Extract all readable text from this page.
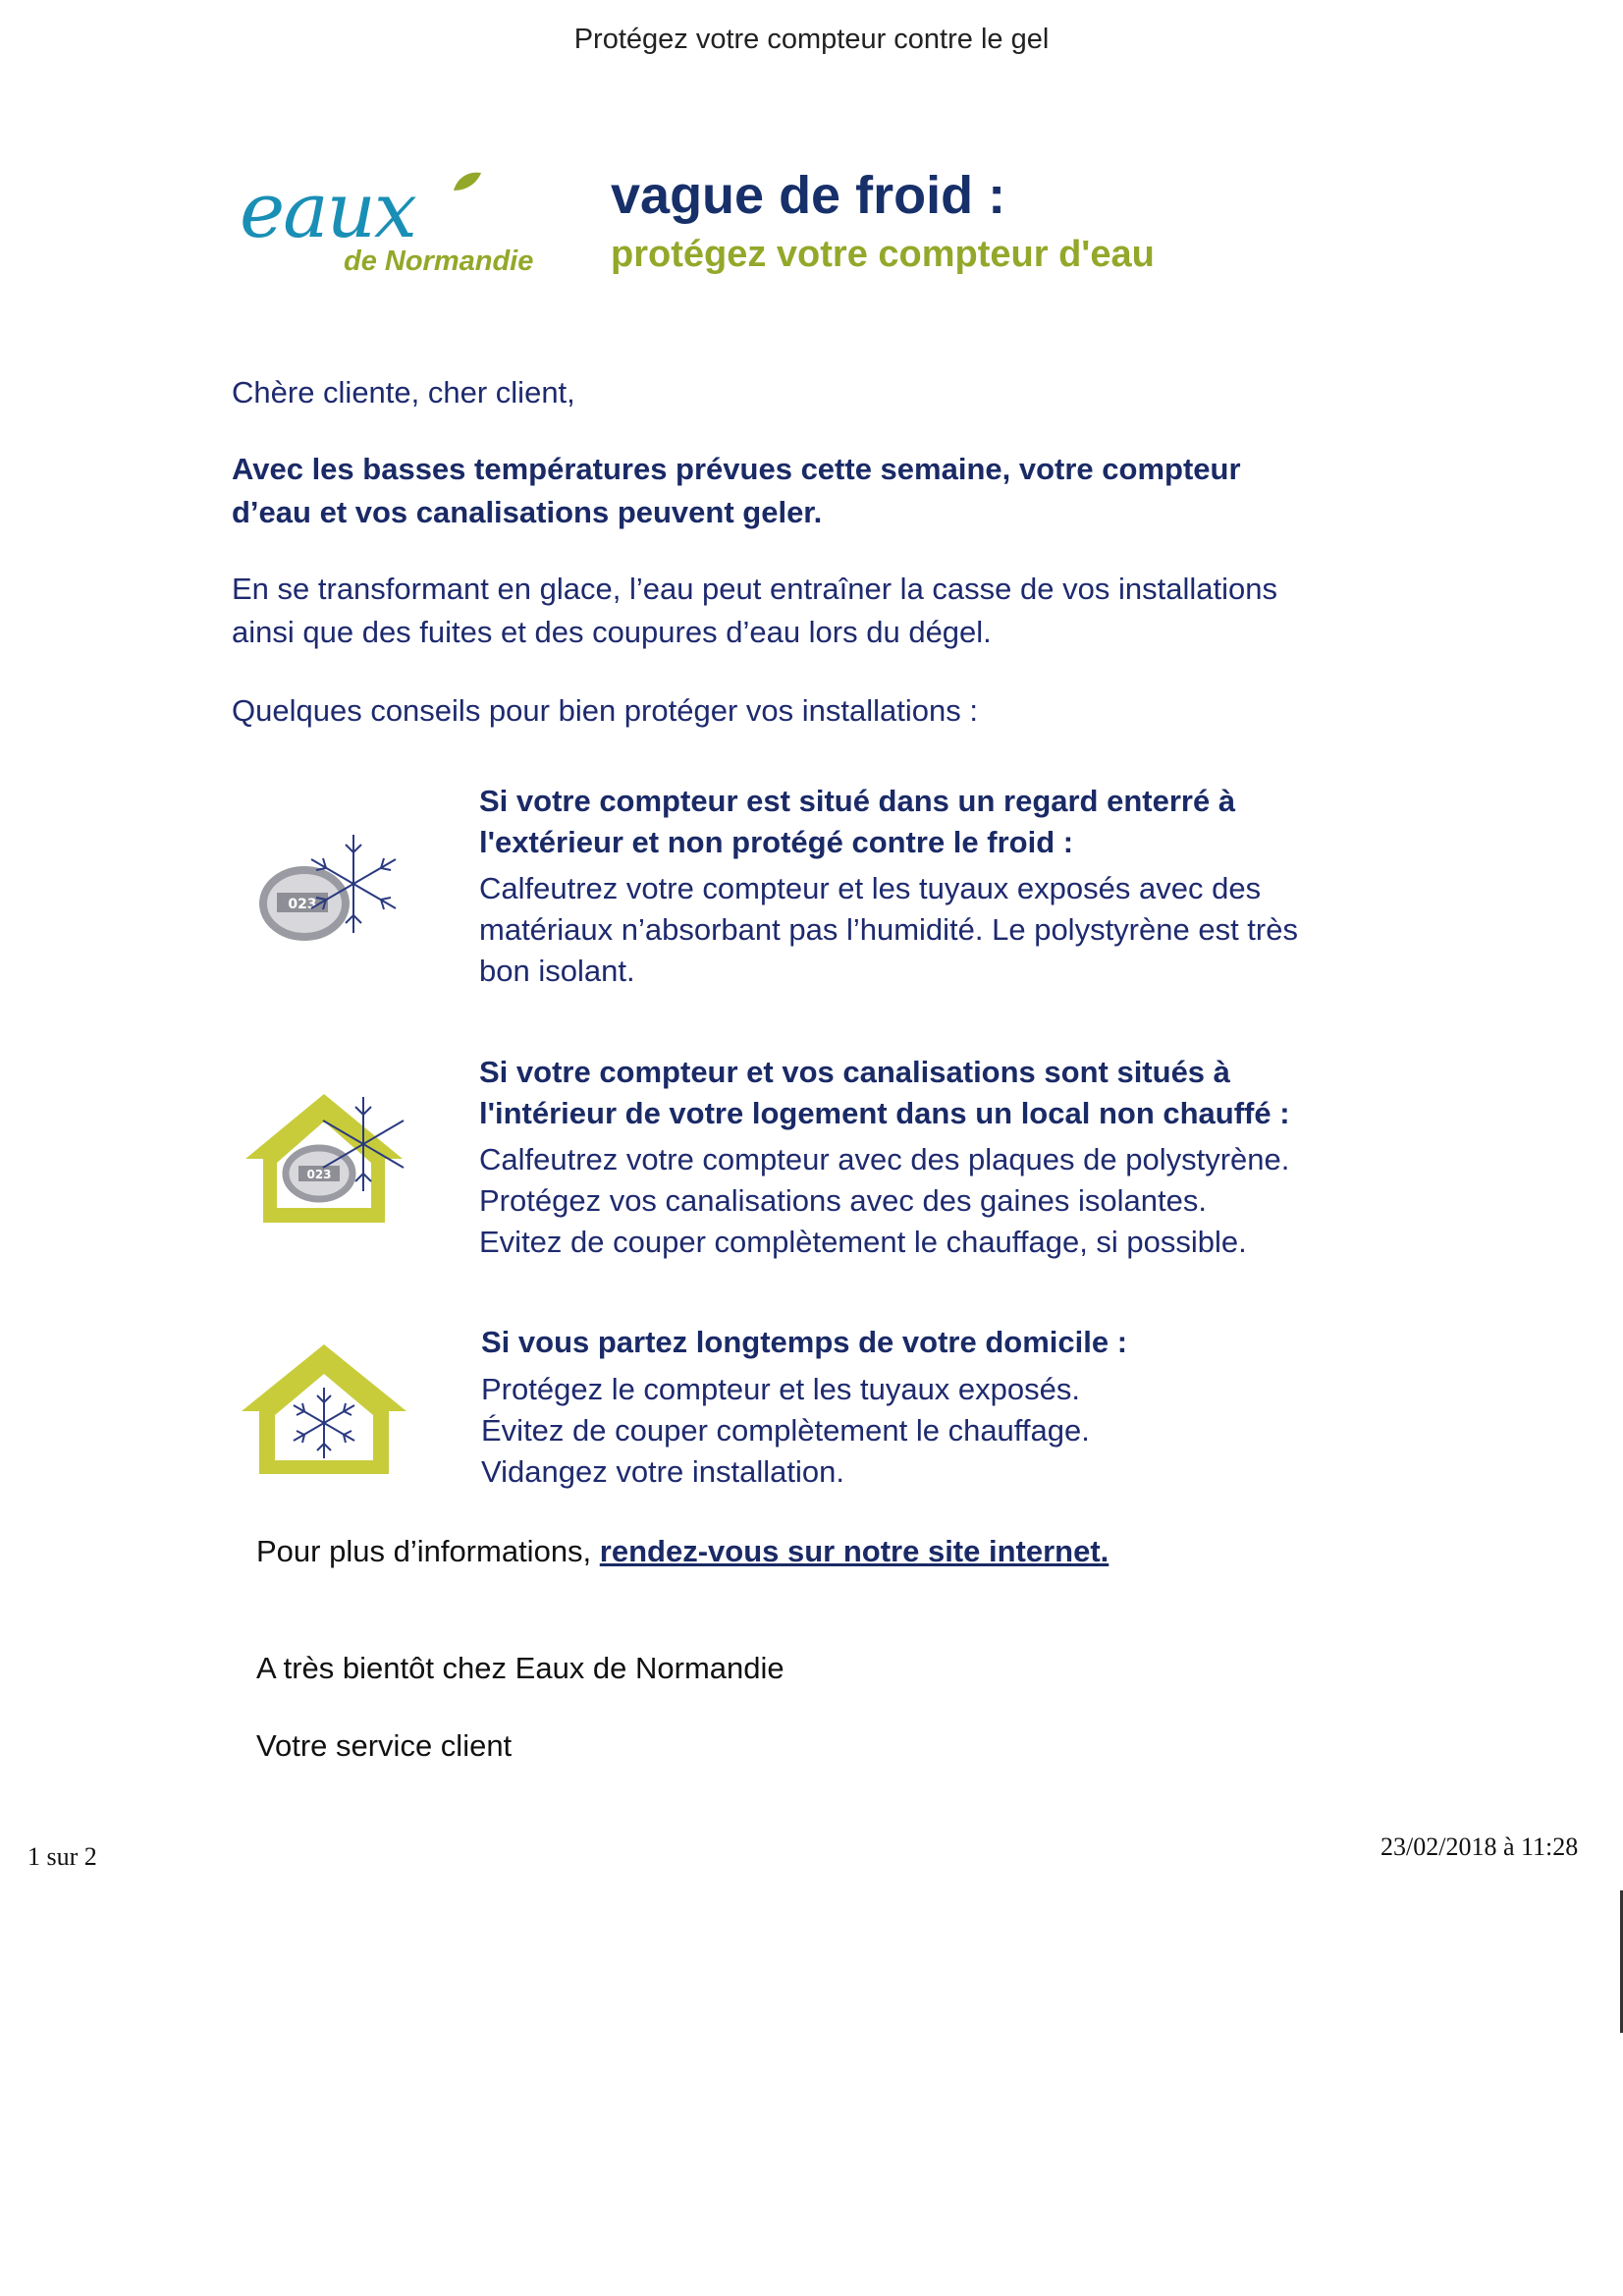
Protégez votre compteur contre le gel
eaux
de Normandie
vague de froid :
protégez votre compteur d'eau
Chère cliente, cher client,
Avec les basses températures prévues cette semaine, votre compteur
d’eau et vos canalisations peuvent geler.
En se transformant en glace, l’eau peut entraîner la casse de vos installations
ainsi que des fuites et des coupures d’eau lors du dégel.
Quelques conseils pour bien protéger vos installations :
023
Si votre compteur est situé dans un regard enterré à
l'extérieur et non protégé contre le froid :
Calfeutrez votre compteur et les tuyaux exposés avec des
matériaux n’absorbant pas l’humidité. Le polystyrène est très
bon isolant.
023
Si votre compteur et vos canalisations sont situés à
l'intérieur de votre logement dans un local non chauffé :
Calfeutrez votre compteur avec des plaques de polystyrène.
Protégez vos canalisations avec des gaines isolantes.
Evitez de couper complètement le chauffage, si possible.
Si vous partez longtemps de votre domicile :
Protégez le compteur et les tuyaux exposés.
Évitez de couper complètement le chauffage.
Vidangez votre installation.
Pour plus d’informations, rendez-vous sur notre site internet.
A très bientôt chez Eaux de Normandie
Votre service client
1 sur 2	23/02/2018 à 11:28
